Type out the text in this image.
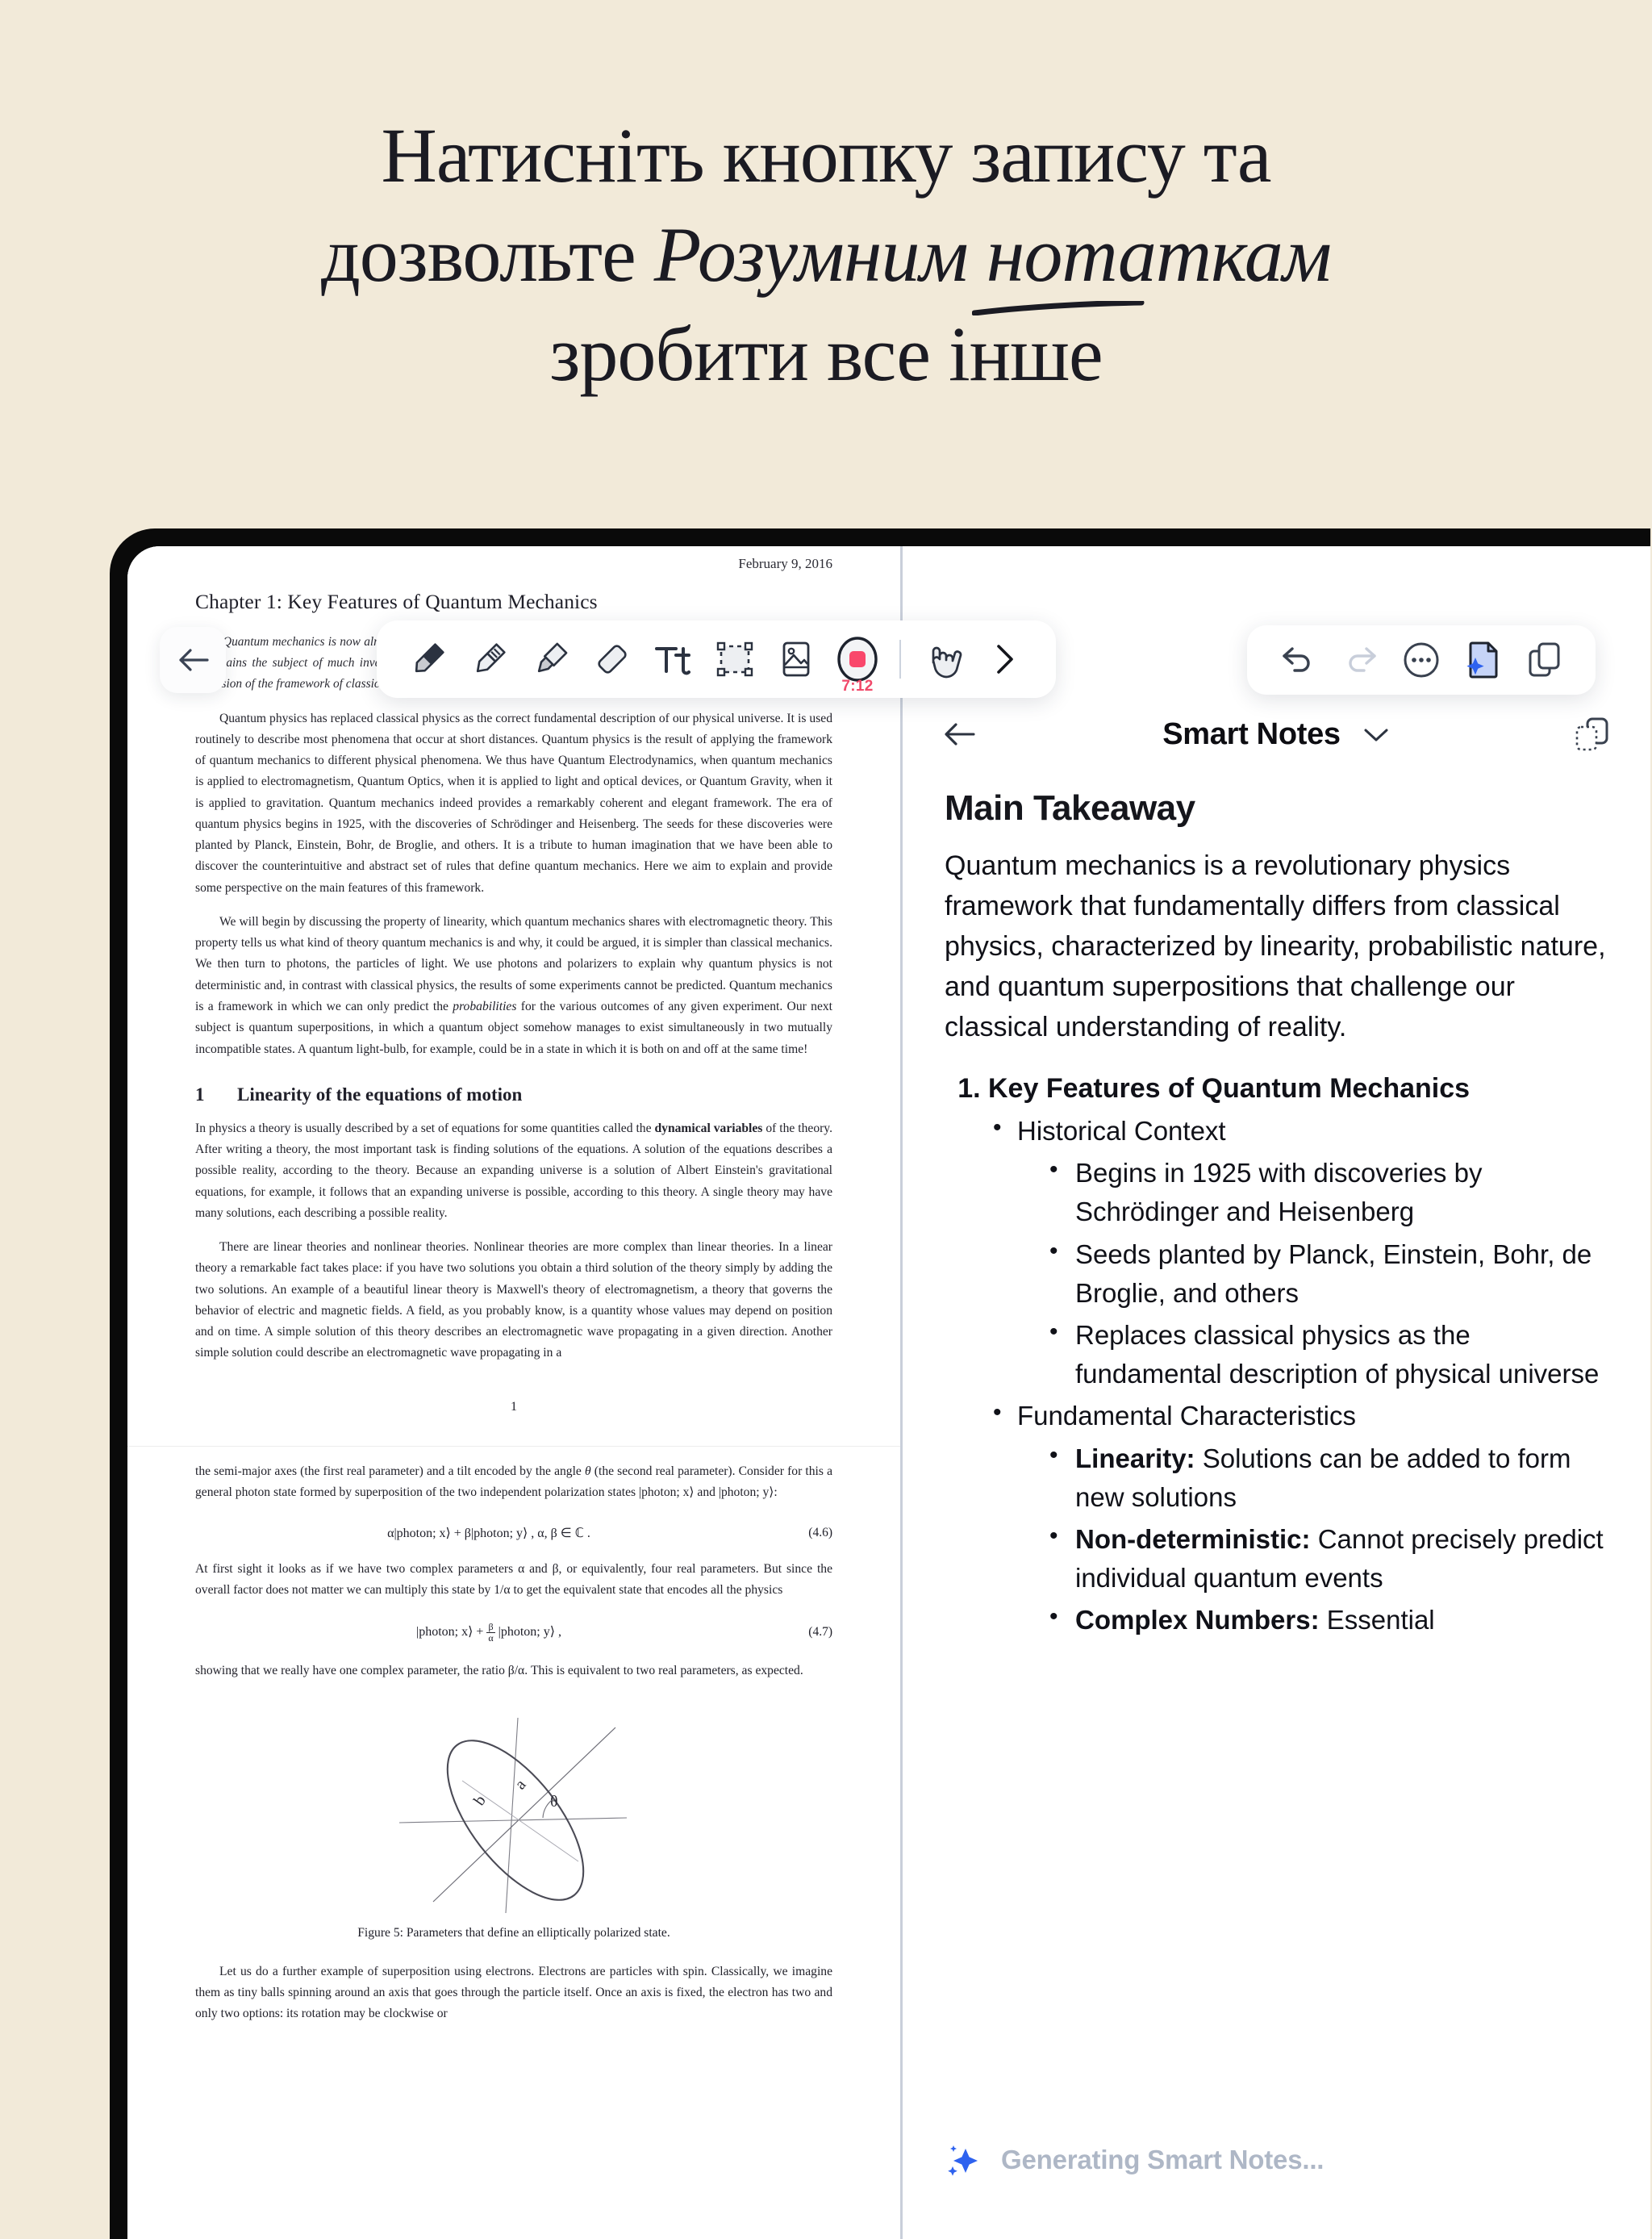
Натисніть кнопку запису та
дозвольте Розумним нотаткам
зробити все інше
February 9, 2016
Chapter 1: Key Features of Quantum Mechanics
Quantum mechanics is now remains the subject of much of the framework of classical
Quantum physics has replaced classical physics as the correct fundamental description of our physical universe. It is used routinely to describe most phenomena that occur at short distances. Quantum physics is the result of applying the framework of quantum mechanics to different physical phenomena. We thus have Quantum Electrodynamics, when quantum mechanics is applied to electromagnetism, Quantum Optics, when it is applied to light and optical devices, or Quantum Gravity, when it is applied to gravitation. Quantum mechanics indeed provides a remarkably coherent and elegant framework. The era of quantum physics begins in 1925, with the discoveries of Schrödinger and Heisenberg. The seeds for these discoveries were planted by Planck, Einstein, Bohr, de Broglie, and others. It is a tribute to human imagination that we have been able to discover the counterintuitive and abstract set of rules that define quantum mechanics. Here we aim to explain and provide some perspective on the main features of this framework.
We will begin by discussing the property of linearity, which quantum mechanics shares with electromagnetic theory. This property tells us what kind of theory quantum mechanics is and why, it could be argued, it is simpler than classical mechanics. We then turn to photons, the particles of light. We use photons and polarizers to explain why quantum physics is not deterministic and, in contrast with classical physics, the results of some experiments cannot be predicted. Quantum mechanics is a framework in which we can only predict the probabilities for the various outcomes of any given experiment. Our next subject is quantum superpositions, in which a quantum object somehow manages to exist simultaneously in two mutually incompatible states. A quantum light-bulb, for example, could be in a state in which it is both on and off at the same time!
1 Linearity of the equations of motion
In physics a theory is usually described by a set of equations for some quantities called the dynamical variables of the theory. After writing a theory, the most important task is finding solutions of the equations. A solution of the equations describes a possible reality, according to the theory. Because an expanding universe is a solution of Albert Einstein's gravitational equations, for example, it follows that an expanding universe is possible, according to this theory. A single theory may have many solutions, each describing a possible reality.
There are linear theories and nonlinear theories. Nonlinear theories are more complex than linear theories. In a linear theory a remarkable fact takes place: if you have two solutions you obtain a third solution of the theory simply by adding the two solutions. An example of a beautiful linear theory is Maxwell's theory of electromagnetism, a theory that governs the behavior of electric and magnetic fields. A field, as you probably know, is a quantity whose values may depend on position and on time. A simple solution of this theory describes an electromagnetic wave propagating in a given direction. Another simple solution could describe an electromagnetic wave propagating in a
1
the semi-major axes (the first real parameter) and a tilt encoded by the angle θ (the second real parameter). Consider for this a general photon state formed by superposition of the two independent polarization states |photon; x⟩ and |photon; y⟩:
α|photon; x⟩ + β|photon; y⟩ , α, β ∈ ℂ .	(4.6)
At first sight it looks as if we have two complex parameters α and β, or equivalently, four real parameters. But since the overall factor does not matter we can multiply this state by 1/α to get the equivalent state that encodes all the physics
|photon; x⟩ + $\frac{\beta}{\alpha}$ |photon; y⟩ ,	(4.7)
showing that we really have one complex parameter, the ratio β/α. This is equivalent to two real parameters, as expected.
b
a
θ
Figure 5: Parameters that define an elliptically polarized state.
Let us do a further example of superposition using electrons. Electrons are particles with spin. Classically, we imagine them as tiny balls spinning around an axis that goes through the particle itself. Once an axis is fixed, the electron has two and only two options: its rotation may be clockwise or
7:12
Smart Notes
Main Takeaway
Quantum mechanics is a revolutionary physics framework that fundamentally differs from classical physics, characterized by linearity, probabilistic nature, and quantum superpositions that challenge our classical understanding of reality.
1. Key Features of Quantum Mechanics
• Historical Context
• Begins in 1925 with discoveries by Schrödinger and Heisenberg
• Seeds planted by Planck, Einstein, Bohr, de Broglie, and others
• Replaces classical physics as the fundamental description of physical universe
• Fundamental Characteristics
• Linearity: Solutions can be added to form new solutions
• Non-deterministic: Cannot precisely predict individual quantum events
• Complex Numbers: Essential
Generating Smart Notes...
